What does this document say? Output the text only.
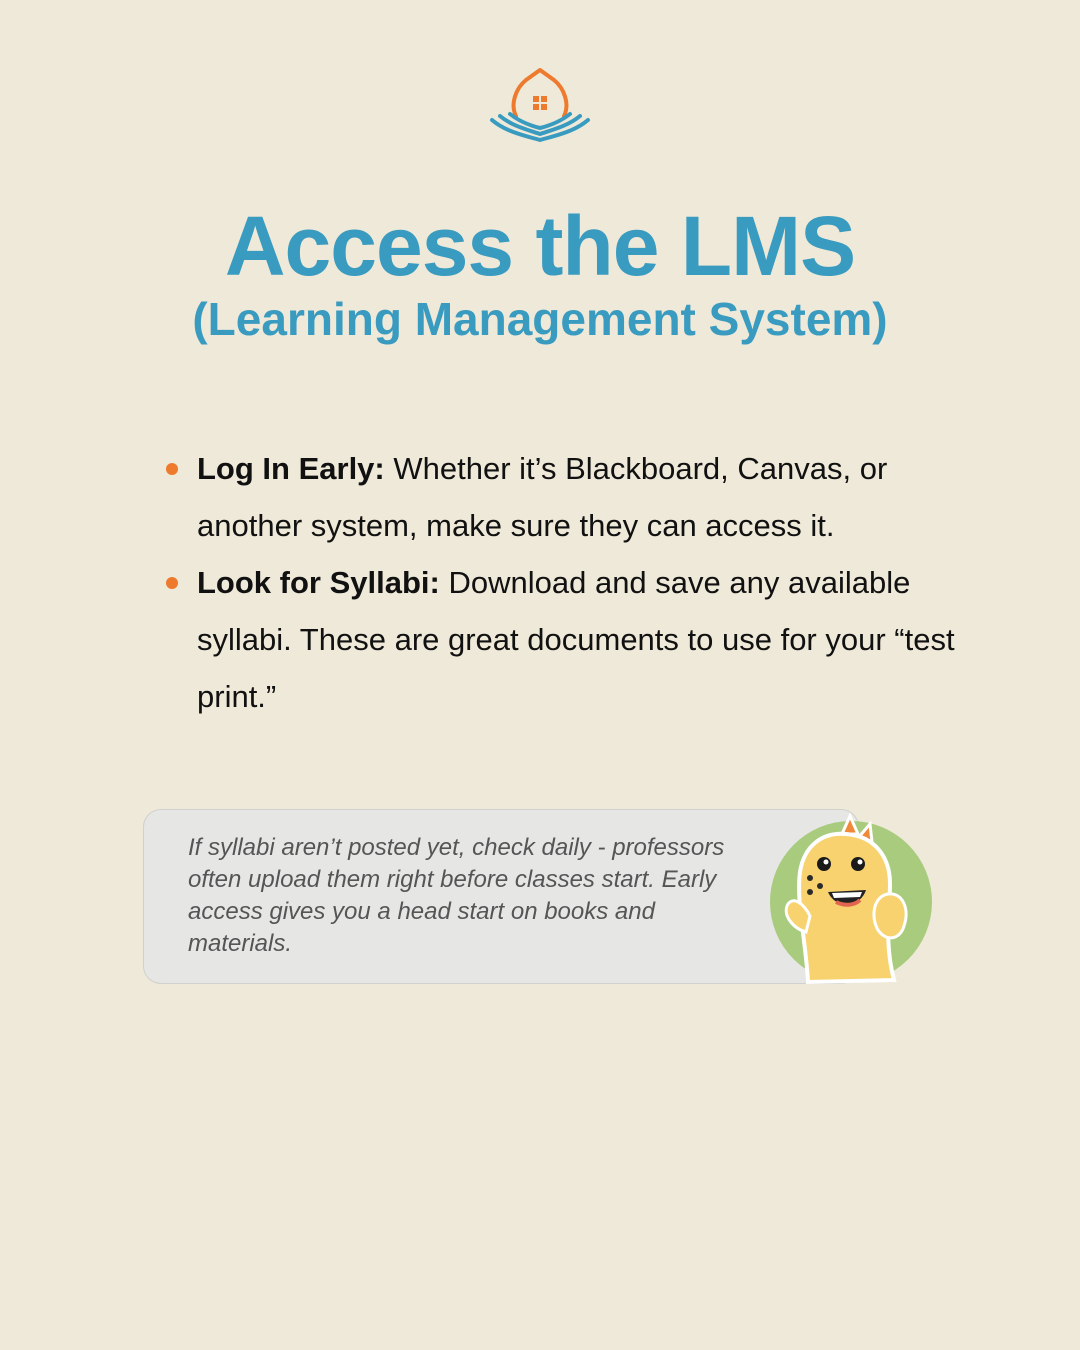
Access the LMS
(Learning Management System)
Log In Early: Whether it’s Blackboard, Canvas, or another system, make sure they can access it.
Look for Syllabi: Download and save any available syllabi. These are great documents to use for your “test print.”
If syllabi aren’t posted yet, check daily - professors often upload them right before classes start. Early access gives you a head start on books and materials.
